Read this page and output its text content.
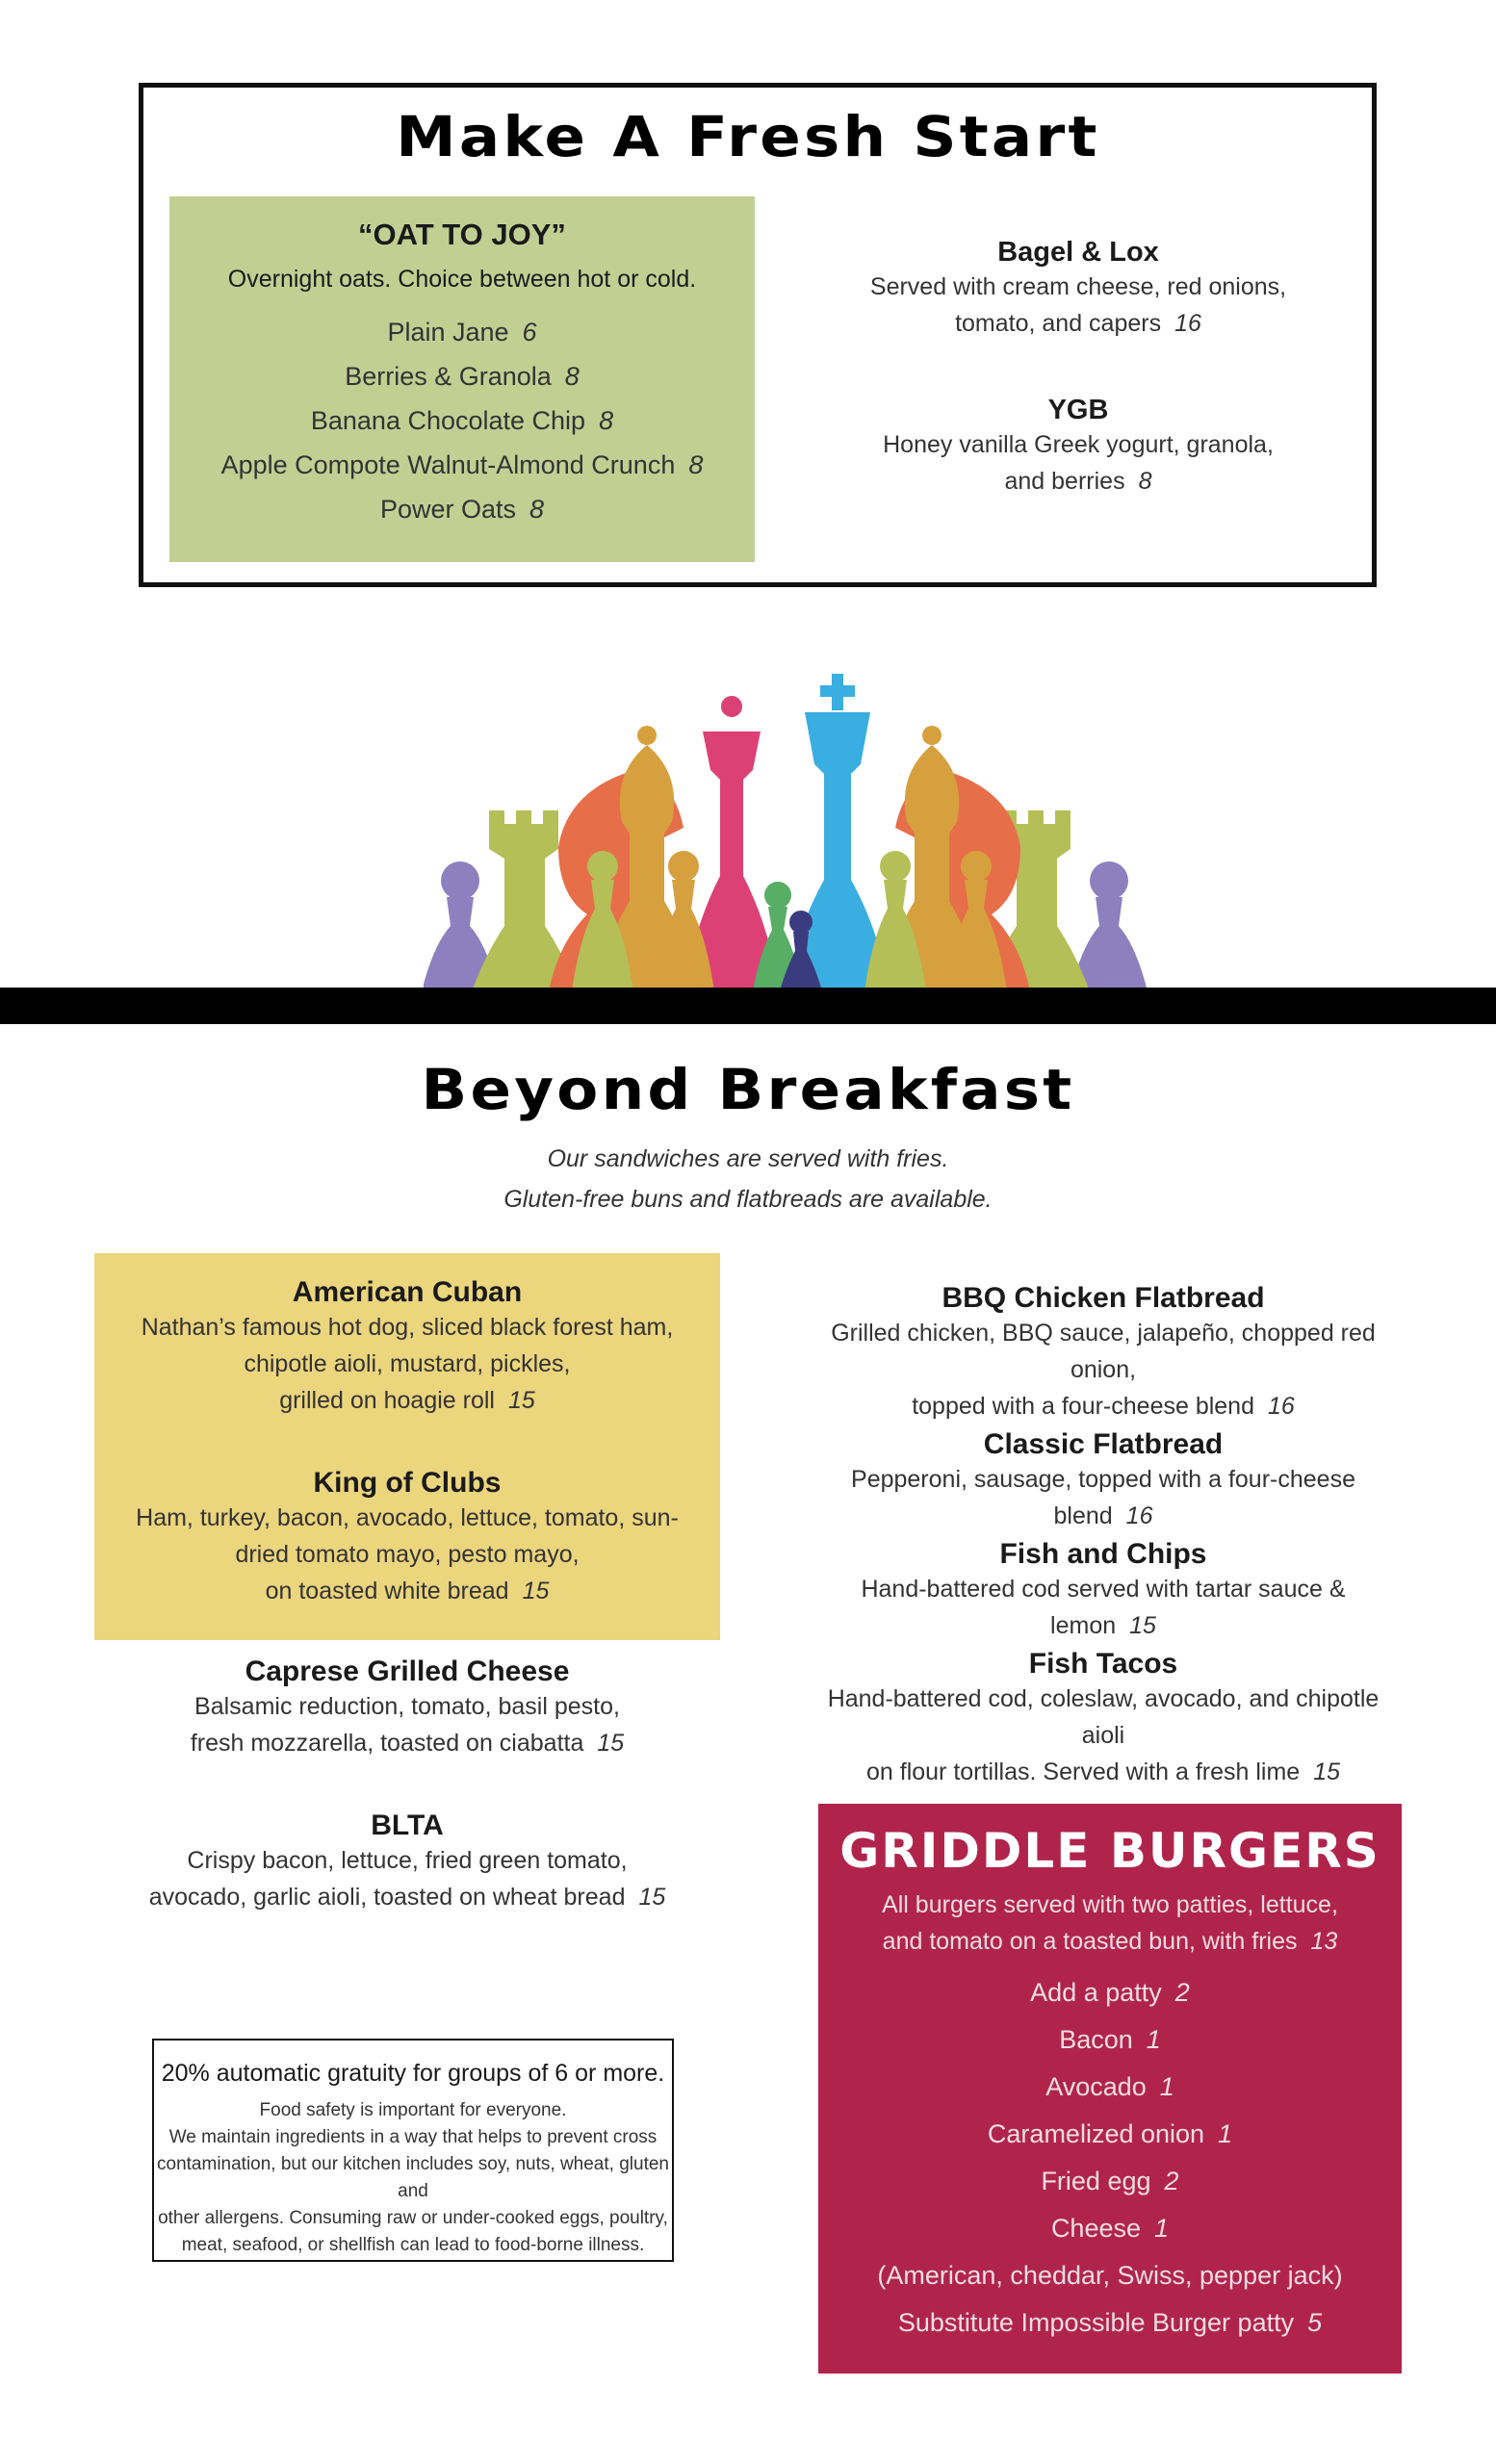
Make A Fresh Start
“OAT TO JOY”
Overnight oats. Choice between hot or cold.
Plain Jane 6
Berries & Granola 8
Banana Chocolate Chip 8
Apple Compote Walnut-Almond Crunch 8
Power Oats 8
Bagel & Lox
Served with cream cheese, red onions,
tomato, and capers 16
YGB
Honey vanilla Greek yogurt, granola,
and berries 8
Beyond Breakfast
Our sandwiches are served with fries.
Gluten-free buns and flatbreads are available.
American Cuban
Nathan’s famous hot dog, sliced black forest ham,
chipotle aioli, mustard, pickles,
grilled on hoagie roll 15
King of Clubs
Ham, turkey, bacon, avocado, lettuce, tomato, sun-
dried tomato mayo, pesto mayo,
on toasted white bread 15
Caprese Grilled Cheese
Balsamic reduction, tomato, basil pesto,
fresh mozzarella, toasted on ciabatta 15
BLTA
Crispy bacon, lettuce, fried green tomato,
avocado, garlic aioli, toasted on wheat bread 15
BBQ Chicken Flatbread
Grilled chicken, BBQ sauce, jalapeño, chopped red onion,
topped with a four-cheese blend 16
Classic Flatbread
Pepperoni, sausage, topped with a four-cheese blend 16
Fish and Chips
Hand-battered cod served with tartar sauce & lemon 15
Fish Tacos
Hand-battered cod, coleslaw, avocado, and chipotle aioli
on flour tortillas. Served with a fresh lime 15
GRIDDLE BURGERS
All burgers served with two patties, lettuce,
and tomato on a toasted bun, with fries 13
Add a patty 2
Bacon 1
Avocado 1
Caramelized onion 1
Fried egg 2
Cheese 1
(American, cheddar, Swiss, pepper jack)
Substitute Impossible Burger patty 5
20% automatic gratuity for groups of 6 or more.
Food safety is important for everyone.
We maintain ingredients in a way that helps to prevent cross
contamination, but our kitchen includes soy, nuts, wheat, gluten and
other allergens. Consuming raw or under-cooked eggs, poultry,
meat, seafood, or shellfish can lead to food-borne illness.
